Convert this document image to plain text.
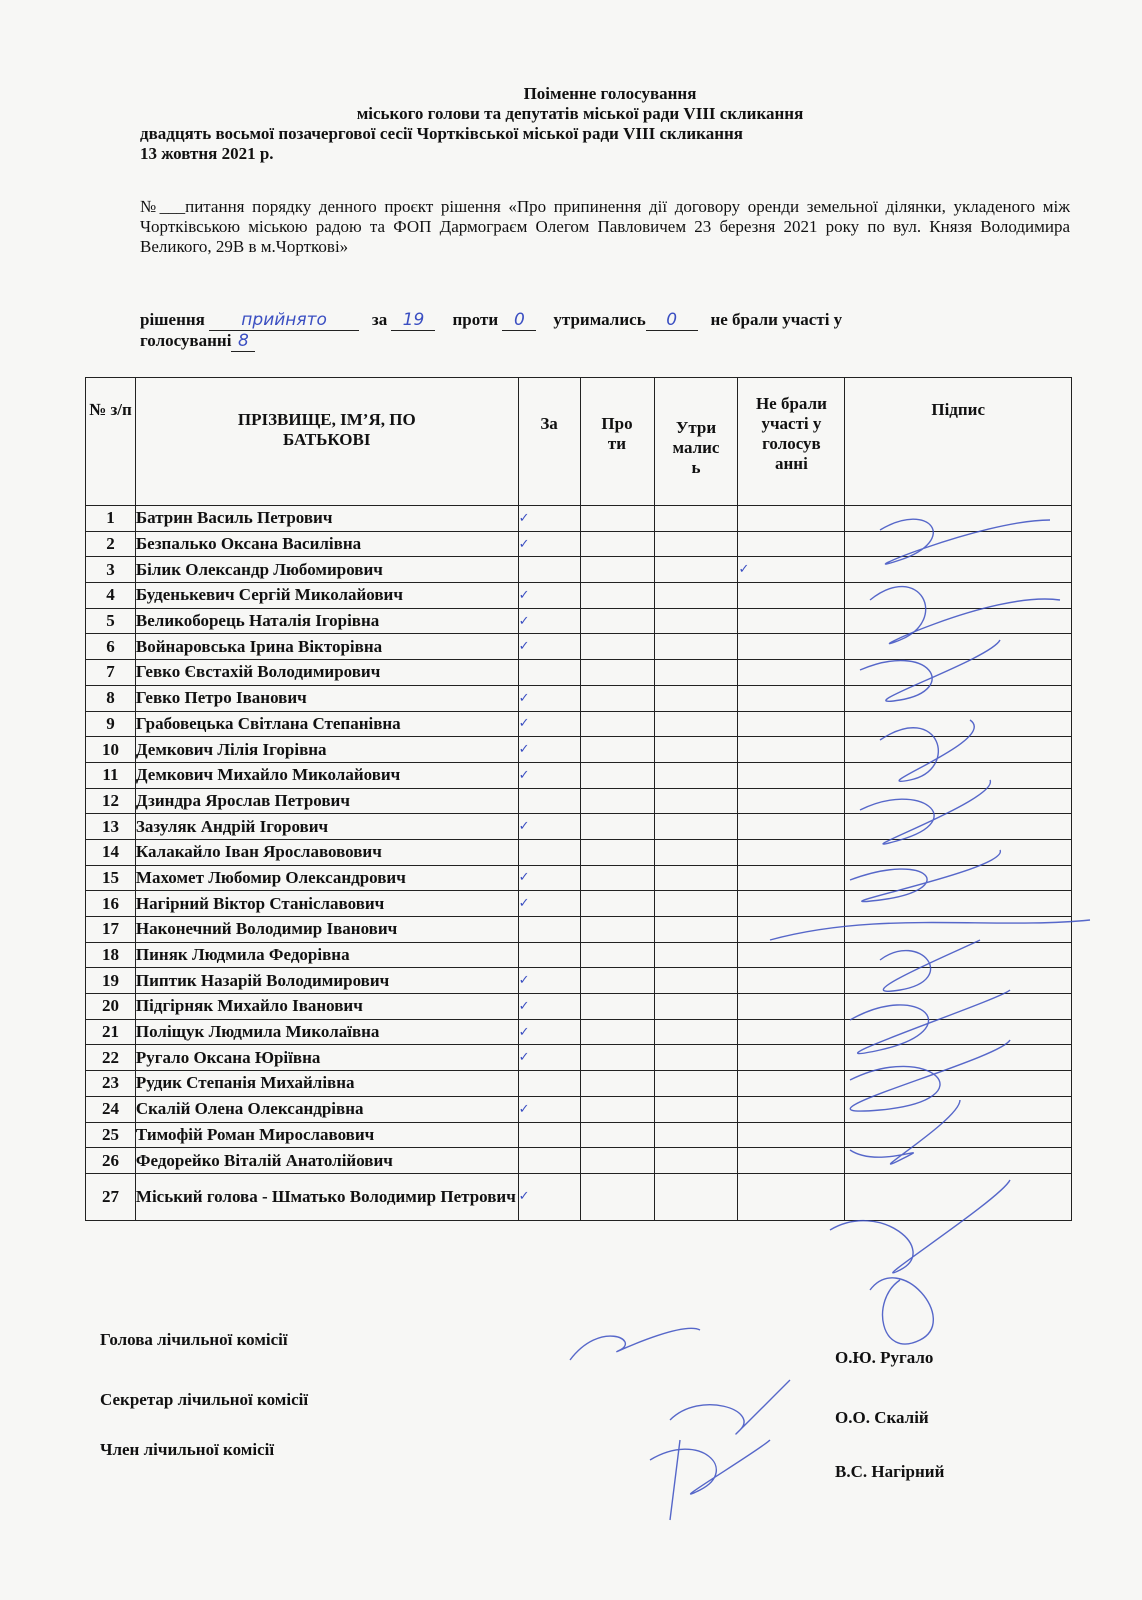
Поіменне голосування
міського голови та депутатів міської ради VIII скликання
двадцять восьмої позачергової сесії Чортківської міської ради VIII скликання
13 жовтня 2021 р.
№___питання порядку денного проєкт рішення «Про припинення дії договору оренди земельної ділянки, укладеного між Чортківською міською радою та ФОП Дармограєм Олегом Павловичем 23 березня 2021 року по вул. Князя Володимира Великого, 29В в м.Чорткові»
рішення прийнято	за 19 проти 0 утримались 0 не брали участі у
голосуванні 8
№ з/п	ПРІЗВИЩЕ, ІМ’Я, ПО БАТЬКОВІ	За	Про ти	Утри малис ь	Не брали участі у голосув анні	Підпис
1	Батрин Василь Петрович	✓				
2	Безпалько Оксана Василівна	✓				
3	Білик Олександр Любомирович				✓	
4	Буденькевич Сергій Миколайович	✓				
5	Великоборець Наталія Ігорівна	✓				
6	Войнаровська Ірина Вікторівна	✓				
7	Гевко Євстахій Володимирович					
8	Гевко Петро Іванович	✓				
9	Грабовецька Світлана Степанівна	✓				
10	Демкович Лілія Ігорівна	✓				
11	Демкович Михайло Миколайович	✓				
12	Дзиндра Ярослав Петрович					
13	Зазуляк Андрій Ігорович	✓				
14	Калакайло Іван Ярославовович					
15	Махомет Любомир Олександрович	✓				
16	Нагірний Віктор Станіславович	✓				
17	Наконечний Володимир Іванович					
18	Пиняк Людмила Федорівна					
19	Пиптик Назарій Володимирович	✓				
20	Підгірняк Михайло Іванович	✓				
21	Поліщук Людмила Миколаївна	✓				
22	Ругало Оксана Юріївна	✓				
23	Рудик Степанія Михайлівна					
24	Скалій Олена Олександрівна	✓				
25	Тимофій Роман Мирославович					
26	Федорейко Віталій Анатолійович					
27	Міський голова - Шматько Володимир Петрович	✓				
Голова лічильної комісії
О.Ю. Ругало
Секретар лічильної комісії
О.О. Скалій
Член лічильної комісії
В.С. Нагірний
